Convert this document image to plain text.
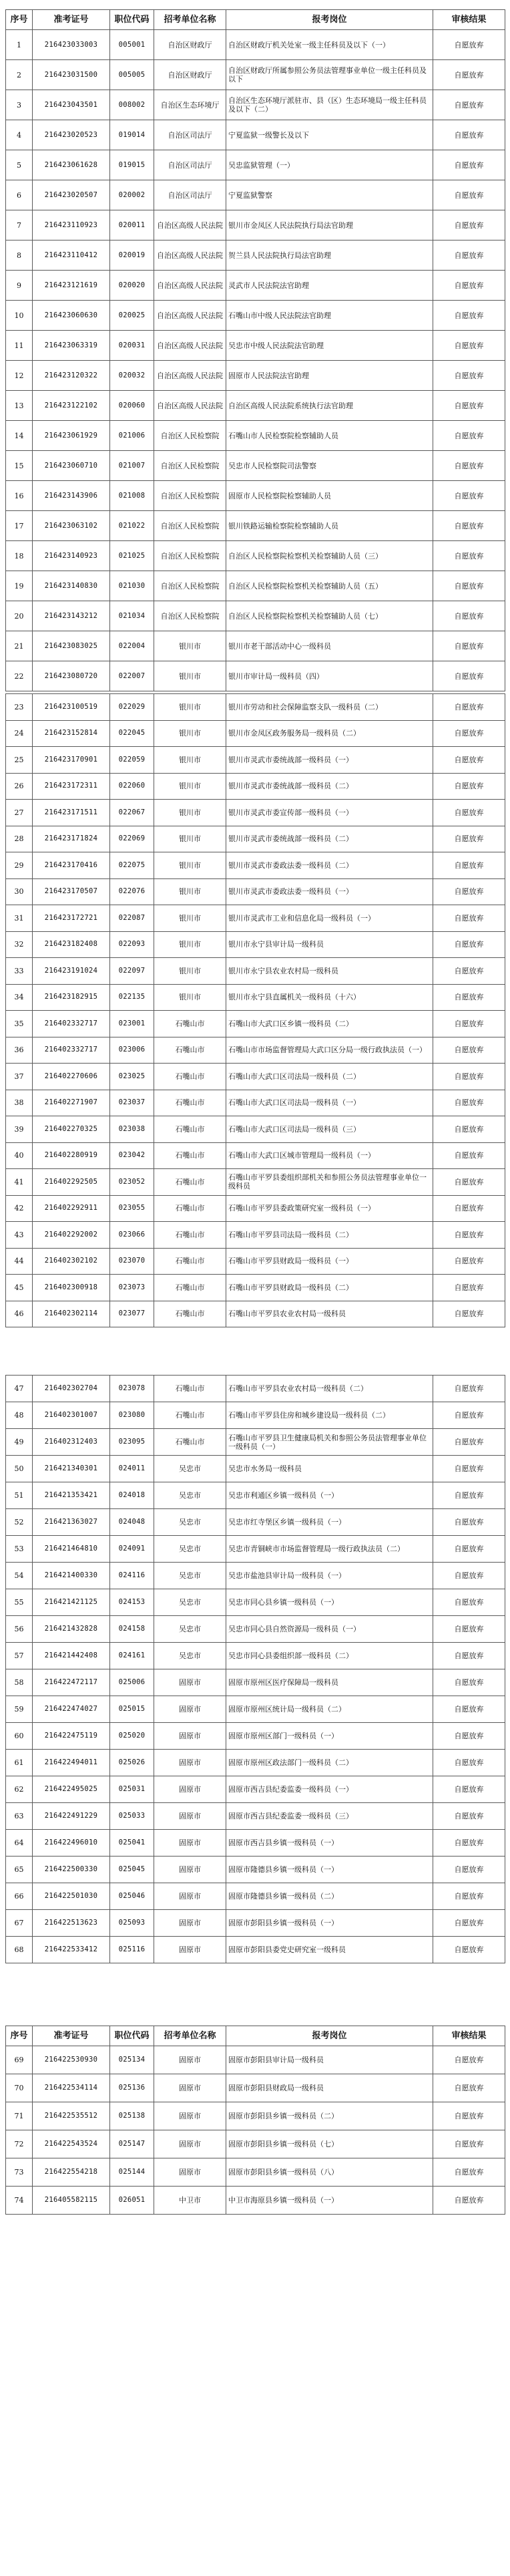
序号	准考证号	职位代码	招考单位名称	报考岗位	审核结果
1	216423033003	005001	自治区财政厅	自治区财政厅机关处室一级主任科员及以下（一）	自愿放弃
2	216423031500	005005	自治区财政厅	自治区财政厅所属参照公务员法管理事业单位一级主任科员及以下	自愿放弃
3	216423043501	008002	自治区生态环境厅	自治区生态环境厅派驻市、县（区）生态环境局一级主任科员及以下（二）	自愿放弃
4	216423020523	019014	自治区司法厅	宁夏监狱一级警长及以下	自愿放弃
5	216423061628	019015	自治区司法厅	吴忠监狱管理（一）	自愿放弃
6	216423020507	020002	自治区司法厅	宁夏监狱警察	自愿放弃
7	216423110923	020011	自治区高级人民法院	银川市金凤区人民法院执行局法官助理	自愿放弃
8	216423110412	020019	自治区高级人民法院	贺兰县人民法院执行局法官助理	自愿放弃
9	216423121619	020020	自治区高级人民法院	灵武市人民法院法官助理	自愿放弃
10	216423060630	020025	自治区高级人民法院	石嘴山市中级人民法院法官助理	自愿放弃
11	216423063319	020031	自治区高级人民法院	吴忠市中级人民法院法官助理	自愿放弃
12	216423120322	020032	自治区高级人民法院	固原市人民法院法官助理	自愿放弃
13	216423122102	020060	自治区高级人民法院	自治区高级人民法院系统执行法官助理	自愿放弃
14	216423061929	021006	自治区人民检察院	石嘴山市人民检察院检察辅助人员	自愿放弃
15	216423060710	021007	自治区人民检察院	吴忠市人民检察院司法警察	自愿放弃
16	216423143906	021008	自治区人民检察院	固原市人民检察院检察辅助人员	自愿放弃
17	216423063102	021022	自治区人民检察院	银川铁路运输检察院检察辅助人员	自愿放弃
18	216423140923	021025	自治区人民检察院	自治区人民检察院检察机关检察辅助人员（三）	自愿放弃
19	216423140830	021030	自治区人民检察院	自治区人民检察院检察机关检察辅助人员（五）	自愿放弃
20	216423143212	021034	自治区人民检察院	自治区人民检察院检察机关检察辅助人员（七）	自愿放弃
21	216423083025	022004	银川市	银川市老干部活动中心一级科员	自愿放弃
22	216423080720	022007	银川市	银川市审计局一级科员（四）	自愿放弃
23	216423100519	022029	银川市	银川市劳动和社会保障监察支队一级科员（二）	自愿放弃
24	216423152814	022045	银川市	银川市金凤区政务服务局一级科员（二）	自愿放弃
25	216423170901	022059	银川市	银川市灵武市委统战部一级科员（一）	自愿放弃
26	216423172311	022060	银川市	银川市灵武市委统战部一级科员（二）	自愿放弃
27	216423171511	022067	银川市	银川市灵武市委宣传部一级科员（一）	自愿放弃
28	216423171824	022069	银川市	银川市灵武市委统战部一级科员（二）	自愿放弃
29	216423170416	022075	银川市	银川市灵武市委政法委一级科员（二）	自愿放弃
30	216423170507	022076	银川市	银川市灵武市委政法委一级科员（一）	自愿放弃
31	216423172721	022087	银川市	银川市灵武市工业和信息化局一级科员（一）	自愿放弃
32	216423182408	022093	银川市	银川市永宁县审计局一级科员	自愿放弃
33	216423191024	022097	银川市	银川市永宁县农业农村局一级科员	自愿放弃
34	216423182915	022135	银川市	银川市永宁县直属机关一级科员（十六）	自愿放弃
35	216402332717	023001	石嘴山市	石嘴山市大武口区乡镇一级科员（二）	自愿放弃
36	216402332717	023006	石嘴山市	石嘴山市市场监督管理局大武口区分局一级行政执法员（一）	自愿放弃
37	216402270606	023025	石嘴山市	石嘴山市大武口区司法局一级科员（二）	自愿放弃
38	216402271907	023037	石嘴山市	石嘴山市大武口区司法局一级科员（一）	自愿放弃
39	216402270325	023038	石嘴山市	石嘴山市大武口区司法局一级科员（三）	自愿放弃
40	216402280919	023042	石嘴山市	石嘴山市大武口区城市管理局一级科员（一）	自愿放弃
41	216402292505	023052	石嘴山市	石嘴山市平罗县委组织部机关和参照公务员法管理事业单位一级科员	自愿放弃
42	216402292911	023055	石嘴山市	石嘴山市平罗县委政策研究室一级科员（一）	自愿放弃
43	216402292002	023066	石嘴山市	石嘴山市平罗县司法局一级科员（二）	自愿放弃
44	216402302102	023070	石嘴山市	石嘴山市平罗县财政局一级科员（一）	自愿放弃
45	216402300918	023073	石嘴山市	石嘴山市平罗县财政局一级科员（二）	自愿放弃
46	216402302114	023077	石嘴山市	石嘴山市平罗县农业农村局一级科员	自愿放弃
47	216402302704	023078	石嘴山市	石嘴山市平罗县农业农村局一级科员（二）	自愿放弃
48	216402301007	023080	石嘴山市	石嘴山市平罗县住房和城乡建设局一级科员（二）	自愿放弃
49	216402312403	023095	石嘴山市	石嘴山市平罗县卫生健康局机关和参照公务员法管理事业单位一级科员（一）	自愿放弃
50	216421340301	024011	吴忠市	吴忠市水务局一级科员	自愿放弃
51	216421353421	024018	吴忠市	吴忠市利通区乡镇一级科员（一）	自愿放弃
52	216421363027	024048	吴忠市	吴忠市红寺堡区乡镇一级科员（一）	自愿放弃
53	216421464810	024091	吴忠市	吴忠市青铜峡市市场监督管理局一级行政执法员（二）	自愿放弃
54	216421400330	024116	吴忠市	吴忠市盐池县审计局一级科员（一）	自愿放弃
55	216421421125	024153	吴忠市	吴忠市同心县乡镇一级科员（一）	自愿放弃
56	216421432828	024158	吴忠市	吴忠市同心县自然资源局一级科员（一）	自愿放弃
57	216421442408	024161	吴忠市	吴忠市同心县委组织部一级科员（二）	自愿放弃
58	216422472117	025006	固原市	固原市原州区医疗保障局一级科员	自愿放弃
59	216422474027	025015	固原市	固原市原州区统计局一级科员（二）	自愿放弃
60	216422475119	025020	固原市	固原市原州区部门一级科员（一）	自愿放弃
61	216422494011	025026	固原市	固原市原州区政法部门一级科员（二）	自愿放弃
62	216422495025	025031	固原市	固原市西吉县纪委监委一级科员（一）	自愿放弃
63	216422491229	025033	固原市	固原市西吉县纪委监委一级科员（三）	自愿放弃
64	216422496010	025041	固原市	固原市西吉县乡镇一级科员（一）	自愿放弃
65	216422500330	025045	固原市	固原市隆德县乡镇一级科员（一）	自愿放弃
66	216422501030	025046	固原市	固原市隆德县乡镇一级科员（二）	自愿放弃
67	216422513623	025093	固原市	固原市彭阳县乡镇一级科员（一）	自愿放弃
68	216422533412	025116	固原市	固原市彭阳县委党史研究室一级科员	自愿放弃
序号	准考证号	职位代码	招考单位名称	报考岗位	审核结果
69	216422530930	025134	固原市	固原市彭阳县审计局一级科员	自愿放弃
70	216422534114	025136	固原市	固原市彭阳县财政局一级科员	自愿放弃
71	216422535512	025138	固原市	固原市彭阳县乡镇一级科员（二）	自愿放弃
72	216422543524	025147	固原市	固原市彭阳县乡镇一级科员（七）	自愿放弃
73	216422554218	025144	固原市	固原市彭阳县乡镇一级科员（八）	自愿放弃
74	216405582115	026051	中卫市	中卫市海原县乡镇一级科员（一）	自愿放弃
